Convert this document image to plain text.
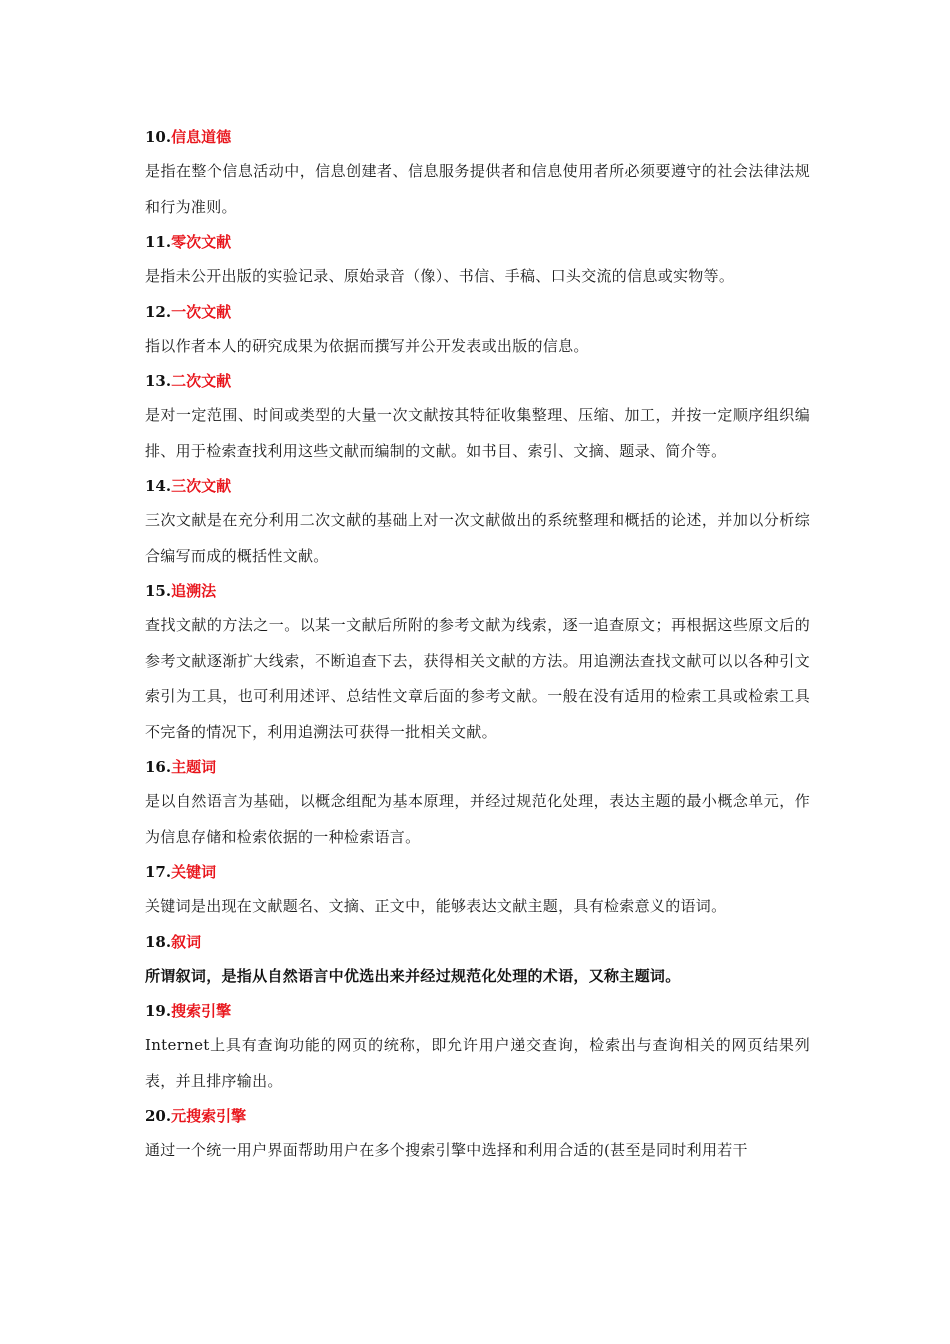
10.信息道德

是指在整个信息活动中，信息创建者、信息服务提供者和信息使用者所必须要遵守的社会法律法规和行为准则。

11.零次文献

是指未公开出版的实验记录、原始录音（像）、书信、手稿、口头交流的信息或实物等。

12.一次文献

指以作者本人的研究成果为依据而撰写并公开发表或出版的信息。

13.二次文献

是对一定范围、时间或类型的大量一次文献按其特征收集整理、压缩、加工，并按一定顺序组织编排、用于检索查找利用这些文献而编制的文献。如书目、索引、文摘、题录、简介等。

14.三次文献

三次文献是在充分利用二次文献的基础上对一次文献做出的系统整理和概括的论述，并加以分析综合编写而成的概括性文献。

15.追溯法

查找文献的方法之一。以某一文献后所附的参考文献为线索，逐一追查原文；再根据这些原文后的参考文献逐渐扩大线索，不断追查下去，获得相关文献的方法。用追溯法查找文献可以以各种引文索引为工具，也可利用述评、总结性文章后面的参考文献。一般在没有适用的检索工具或检索工具不完备的情况下，利用追溯法可获得一批相关文献。

16.主题词

是以自然语言为基础，以概念组配为基本原理，并经过规范化处理，表达主题的最小概念单元，作为信息存储和检索依据的一种检索语言。

17.关键词

关键词是出现在文献题名、文摘、正文中，能够表达文献主题，具有检索意义的语词。

18.叙词

所谓叙词，是指从自然语言中优选出来并经过规范化处理的术语，又称主题词。

19.搜索引擎

Internet上具有查询功能的网页的统称，即允许用户递交查询，检索出与查询相关的网页结果列表，并且排序输出。

20.元搜索引擎

通过一个统一用户界面帮助用户在多个搜索引擎中选择和利用合适的(甚至是同时利用若干
